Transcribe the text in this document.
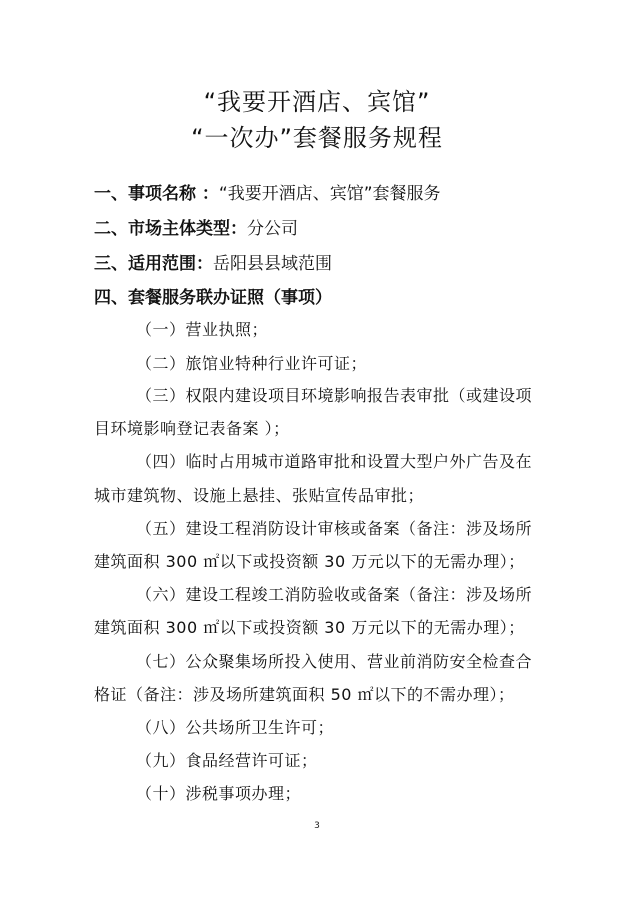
“我要开酒店、宾馆”
“一次办”套餐服务规程
一、事项名称 ：“我要开酒店、宾馆”套餐服务
二、市场主体类型：分公司
三、适用范围：岳阳县县域范围
四、套餐服务联办证照（事项）
（一）营业执照；
（二）旅馆业特种行业许可证；
（三）权限内建设项目环境影响报告表审批（或建设项
目环境影响登记表备案 ）；
（四）临时占用城市道路审批和设置大型户外广告及在
城市建筑物、设施上悬挂、张贴宣传品审批；
（五）建设工程消防设计审核或备案（备注：涉及场所
建筑面积 300 ㎡以下或投资额 30 万元以下的无需办理）；
（六）建设工程竣工消防验收或备案（备注：涉及场所
建筑面积 300 ㎡以下或投资额 30 万元以下的无需办理）；
（七）公众聚集场所投入使用、营业前消防安全检查合
格证（备注：涉及场所建筑面积 50 ㎡以下的不需办理）；
（八）公共场所卫生许可；
（九）食品经营许可证；
（十）涉税事项办理；
3
